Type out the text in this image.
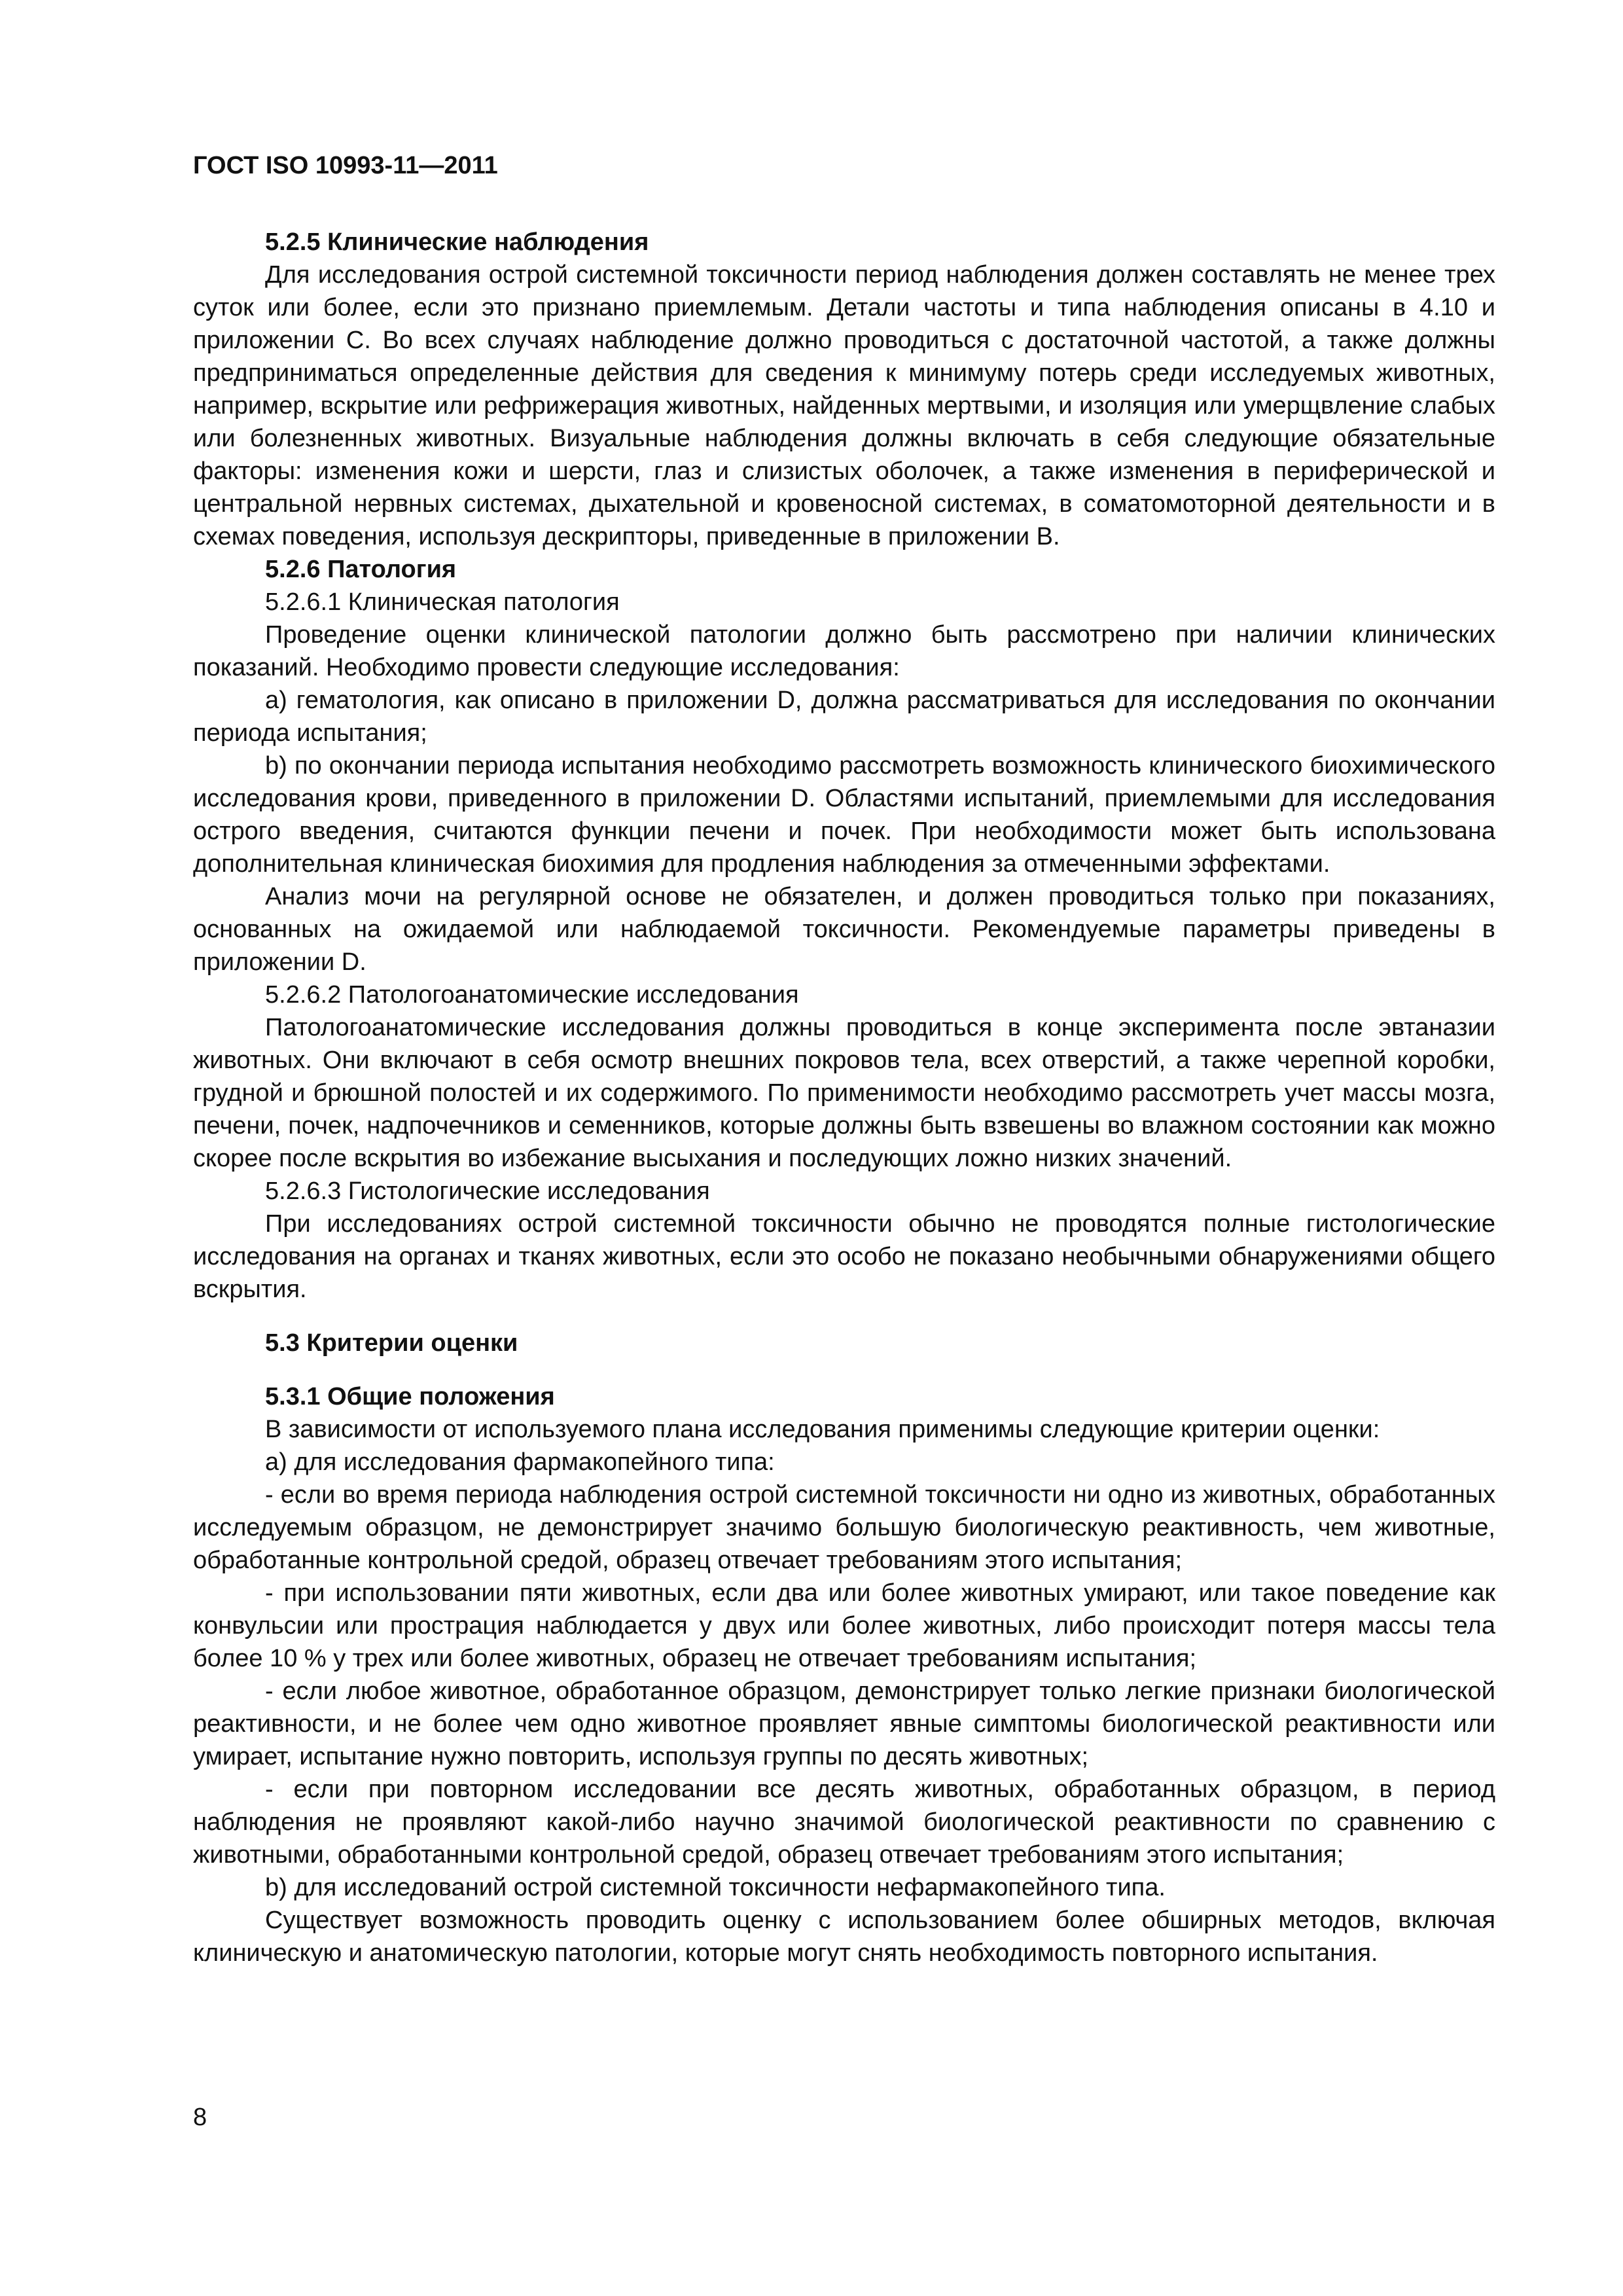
ГОСТ ISO 10993-11—2011

5.2.5 Клинические наблюдения

Для исследования острой системной токсичности период наблюдения должен составлять не менее трех суток или более, если это признано приемлемым. Детали частоты и типа наблюдения описаны в 4.10 и приложении С. Во всех случаях наблюдение должно проводиться с достаточной частотой, а также должны предприниматься определенные действия для сведения к минимуму потерь среди исследуемых животных, например, вскрытие или рефрижерация животных, найденных мертвыми, и изоляция или умерщвление слабых или болезненных животных. Визуальные наблюдения должны включать в себя следующие обязательные факторы: изменения кожи и шерсти, глаз и слизистых оболочек, а также изменения в периферической и центральной нервных системах, дыхательной и кровеносной системах, в соматомоторной деятельности и в схемах поведения, используя дескрипторы, приведенные в приложении В.

5.2.6 Патология

5.2.6.1 Клиническая патология

Проведение оценки клинической патологии должно быть рассмотрено при наличии клинических показаний. Необходимо провести следующие исследования:

а) гематология, как описано в приложении D, должна рассматриваться для исследования по окончании периода испытания;

b) по окончании периода испытания необходимо рассмотреть возможность клинического биохимического исследования крови, приведенного в приложении D. Областями испытаний, приемлемыми для исследования острого введения, считаются функции печени и почек. При необходимости может быть использована дополнительная клиническая биохимия для продления наблюдения за отмеченными эффектами.

Анализ мочи на регулярной основе не обязателен, и должен проводиться только при показаниях, основанных на ожидаемой или наблюдаемой токсичности. Рекомендуемые параметры приведены в приложении D.

5.2.6.2 Патологоанатомические исследования

Патологоанатомические исследования должны проводиться в конце эксперимента после эвтаназии животных. Они включают в себя осмотр внешних покровов тела, всех отверстий, а также черепной коробки, грудной и брюшной полостей и их содержимого. По применимости необходимо рассмотреть учет массы мозга, печени, почек, надпочечников и семенников, которые должны быть взвешены во влажном состоянии как можно скорее после вскрытия во избежание высыхания и последующих ложно низких значений.

5.2.6.3 Гистологические исследования

При исследованиях острой системной токсичности обычно не проводятся полные гистологические исследования на органах и тканях животных, если это особо не показано необычными обнаружениями общего вскрытия.

5.3 Критерии оценки

5.3.1 Общие положения

В зависимости от используемого плана исследования применимы следующие критерии оценки:

а) для исследования фармакопейного типа:

- если во время периода наблюдения острой системной токсичности ни одно из животных, обработанных исследуемым образцом, не демонстрирует значимо большую биологическую реактивность, чем животные, обработанные контрольной средой, образец отвечает требованиям этого испытания;

- при использовании пяти животных, если два или более животных умирают, или такое поведение как конвульсии или прострация наблюдается у двух или более животных, либо происходит потеря массы тела более 10 % у трех или более животных, образец не отвечает требованиям испытания;

- если любое животное, обработанное образцом, демонстрирует только легкие признаки биологической реактивности, и не более чем одно животное проявляет явные симптомы биологической реактивности или умирает, испытание нужно повторить, используя группы по десять животных;

- если при повторном исследовании все десять животных, обработанных образцом, в период наблюдения не проявляют какой-либо научно значимой биологической реактивности по сравнению с животными, обработанными контрольной средой, образец отвечает требованиям этого испытания;

b) для исследований острой системной токсичности нефармакопейного типа.

Существует возможность проводить оценку с использованием более обширных методов, включая клиническую и анатомическую патологии, которые могут снять необходимость повторного испытания.

8
